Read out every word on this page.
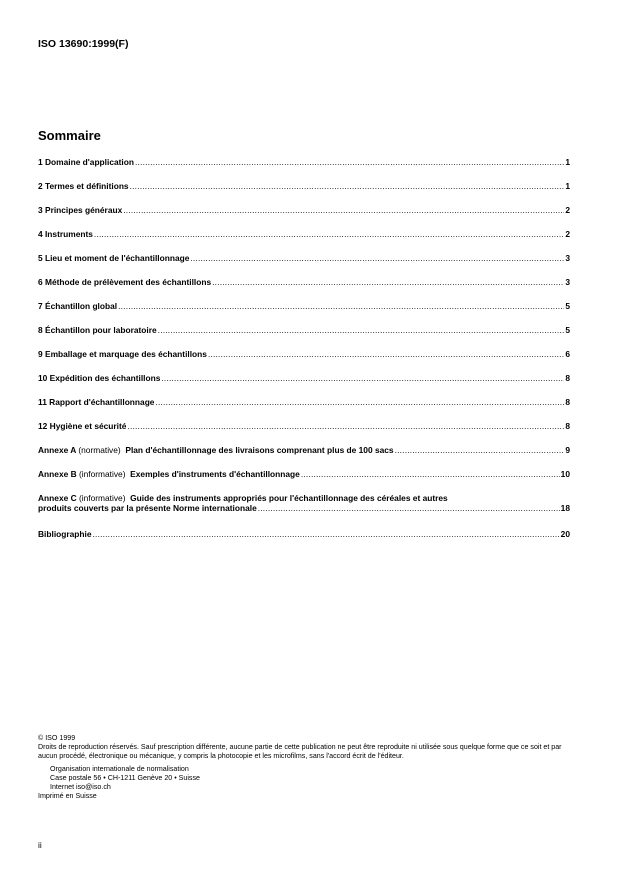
ISO 13690:1999(F)
Sommaire
1 Domaine d'application .....	1
2 Termes et définitions .....	1
3 Principes généraux .....	2
4 Instruments .....	2
5 Lieu et moment de l'échantillonnage .....	3
6 Méthode de prélèvement des échantillons .....	3
7 Échantillon global .....	5
8 Échantillon pour laboratoire .....	5
9 Emballage et marquage des échantillons .....	6
10 Expédition des échantillons .....	8
11 Rapport d'échantillonnage .....	8
12 Hygiène et sécurité .....	8
Annexe A (normative) Plan d'échantillonnage des livraisons comprenant plus de 100 sacs .....	9
Annexe B (informative) Exemples d'instruments d'échantillonnage .....	10
Annexe C (informative) Guide des instruments appropriés pour l'échantillonnage des céréales et autres
produits couverts par la présente Norme internationale .....	18
Bibliographie .....	20
© ISO 1999
Droits de reproduction réservés. Sauf prescription différente, aucune partie de cette publication ne peut être reproduite ni utilisée sous quelque forme que ce soit et par aucun procédé, électronique ou mécanique, y compris la photocopie et les microfilms, sans l'accord écrit de l'éditeur.
Organisation internationale de normalisation
Case postale 56 • CH-1211 Genève 20 • Suisse
Internet iso@iso.ch
Imprimé en Suisse
ii
